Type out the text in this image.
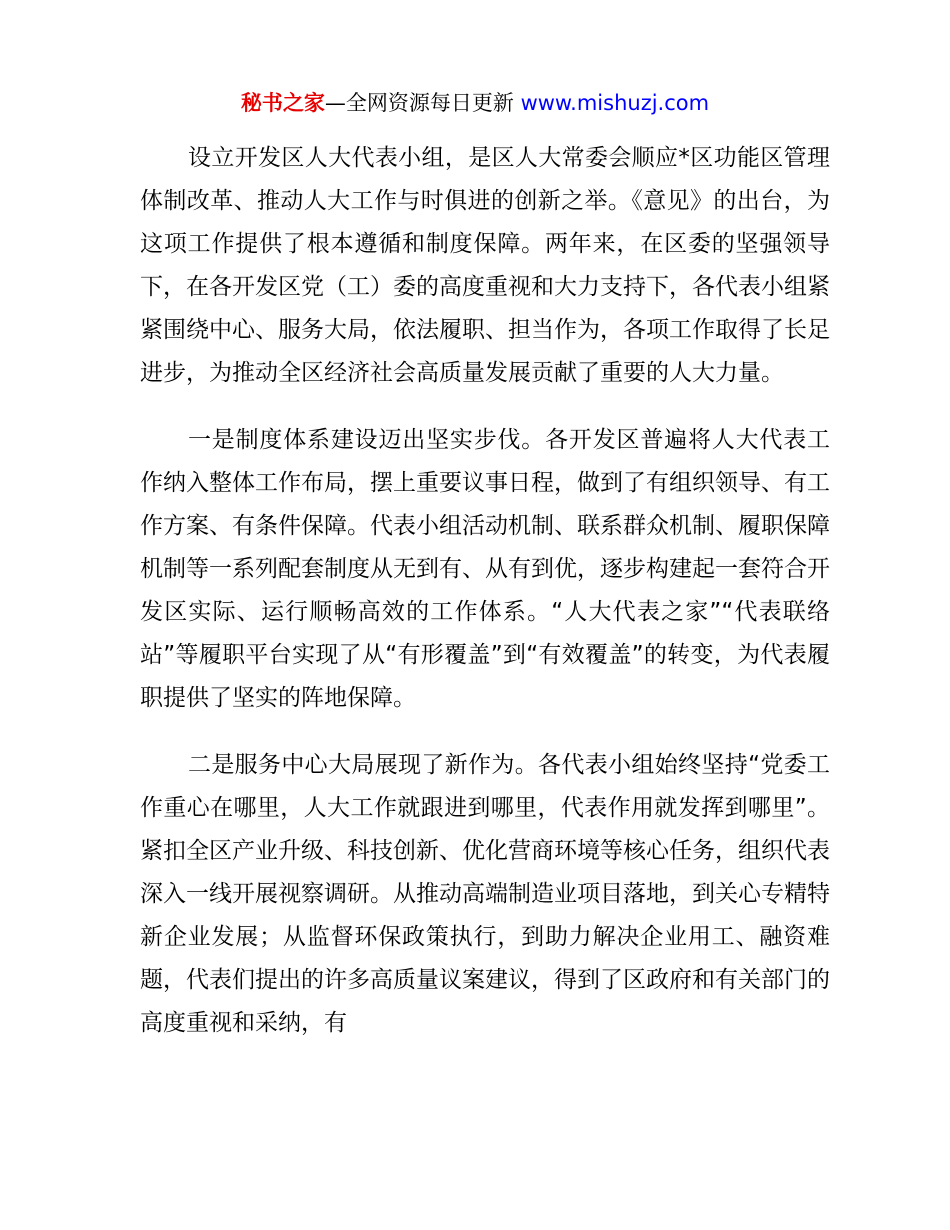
秘书之家—全网资源每日更新 www.mishuzj.com

设立开发区人大代表小组，是区人大常委会顺应*区功能区管理体制改革、推动人大工作与时俱进的创新之举。《意见》的出台，为这项工作提供了根本遵循和制度保障。两年来，在区委的坚强领导下，在各开发区党（工）委的高度重视和大力支持下，各代表小组紧紧围绕中心、服务大局，依法履职、担当作为，各项工作取得了长足进步，为推动全区经济社会高质量发展贡献了重要的人大力量。

一是制度体系建设迈出坚实步伐。各开发区普遍将人大代表工作纳入整体工作布局，摆上重要议事日程，做到了有组织领导、有工作方案、有条件保障。代表小组活动机制、联系群众机制、履职保障机制等一系列配套制度从无到有、从有到优，逐步构建起一套符合开发区实际、运行顺畅高效的工作体系。“人大代表之家”“代表联络站”等履职平台实现了从“有形覆盖”到“有效覆盖”的转变，为代表履职提供了坚实的阵地保障。

二是服务中心大局展现了新作为。各代表小组始终坚持“党委工作重心在哪里，人大工作就跟进到哪里，代表作用就发挥到哪里”。紧扣全区产业升级、科技创新、优化营商环境等核心任务，组织代表深入一线开展视察调研。从推动高端制造业项目落地，到关心专精特新企业发展；从监督环保政策执行，到助力解决企业用工、融资难题，代表们提出的许多高质量议案建议，得到了区政府和有关部门的高度重视和采纳，有
